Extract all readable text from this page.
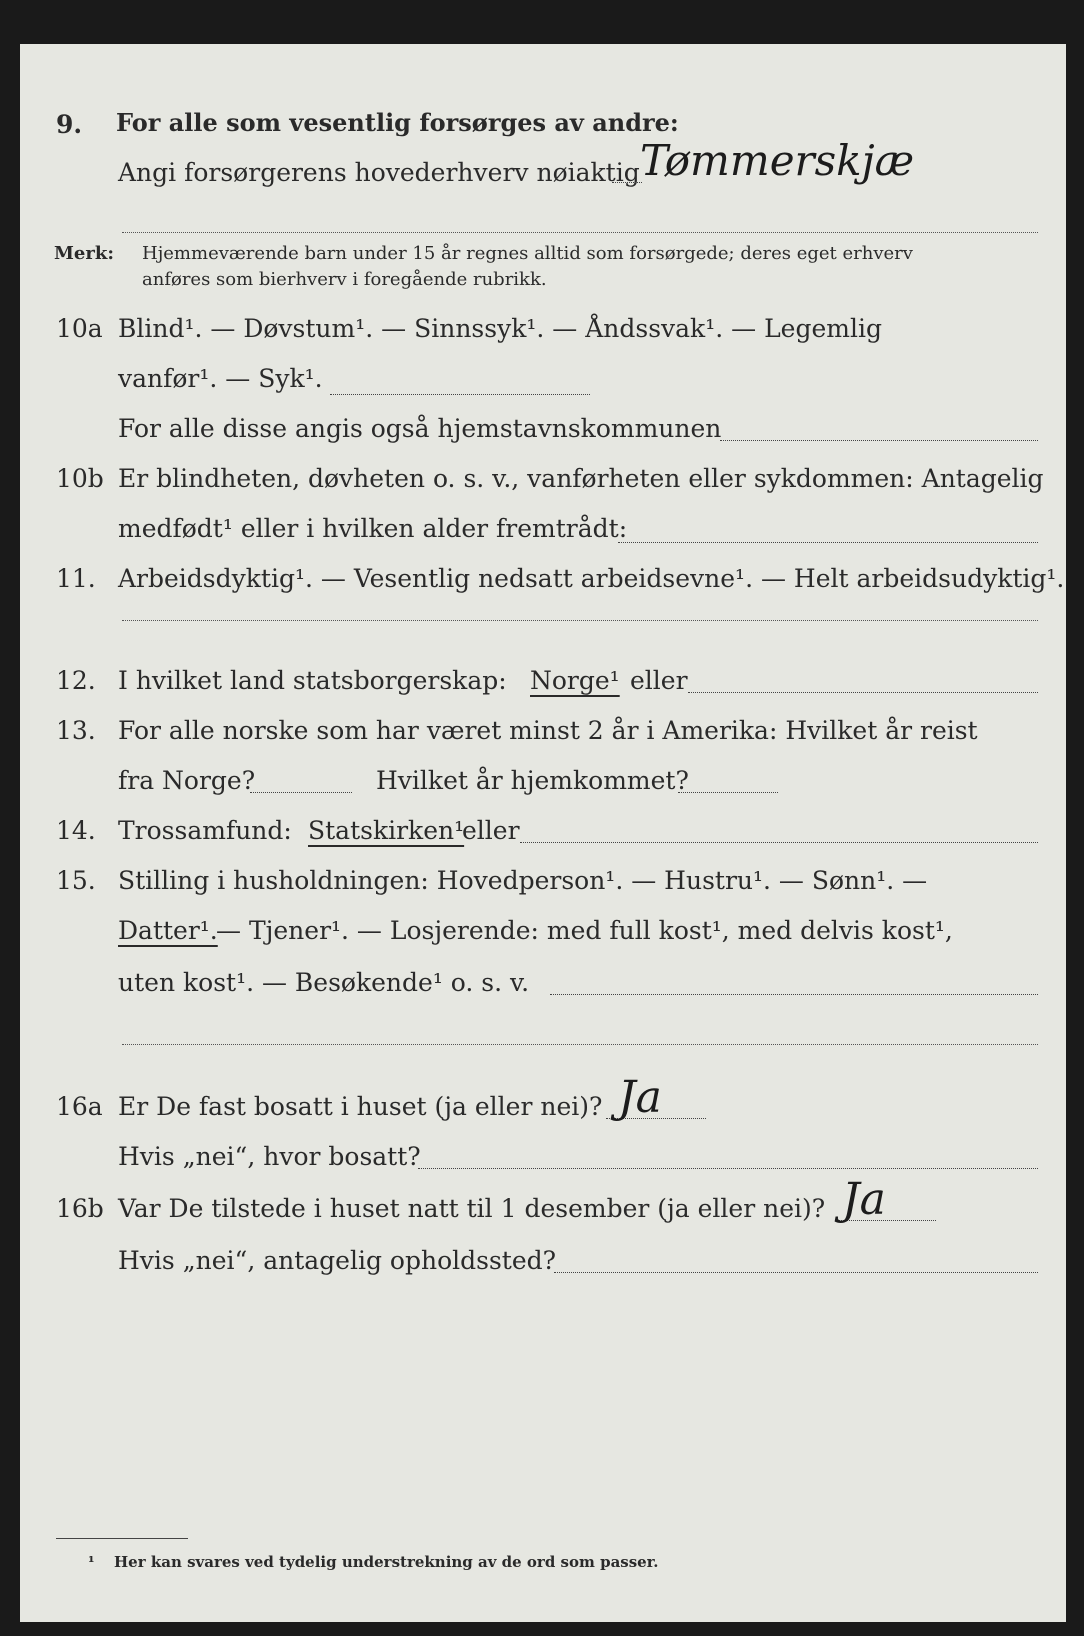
9. For alle som vesentlig forsørges av andre:
Angi forsørgerens hovederhverv nøiaktig Tømmerskjæ
Merk: Hjemmeværende barn under 15 år regnes alltid som forsørgede; deres eget erhverv
anføres som bierhverv i foregående rubrikk.
10a Blind¹. — Døvstum¹. — Sinnssyk¹. — Åndssvak¹. — Legemlig
vanfør¹. — Syk¹.
For alle disse angis også hjemstavnskommunen
10b Er blindheten, døvheten o. s. v., vanførheten eller sykdommen: Antagelig
medfødt¹ eller i hvilken alder fremtrådt:
11. Arbeidsdyktig¹. — Vesentlig nedsatt arbeidsevne¹. — Helt arbeidsudyktig¹.
12. I hvilket land statsborgerskap: Norge¹ eller
13. For alle norske som har været minst 2 år i Amerika: Hvilket år reist
fra Norge?	Hvilket år hjemkommet?
14. Trossamfund: Statskirken¹
eller
15. Stilling i husholdningen: Hovedperson¹. — Hustru¹. — Sønn¹. —
Datter¹.
— Tjener¹. — Losjerende: med full kost¹, med delvis kost¹,
uten kost¹. — Besøkende¹ o. s. v.
16a Er De fast bosatt i huset (ja eller nei)? Ja
Hvis „nei“, hvor bosatt?
16b Var De tilstede i huset natt til 1 desember (ja eller nei)? Ja
Hvis „nei“, antagelig opholdssted?
¹ Her kan svares ved tydelig understrekning av de ord som passer.
